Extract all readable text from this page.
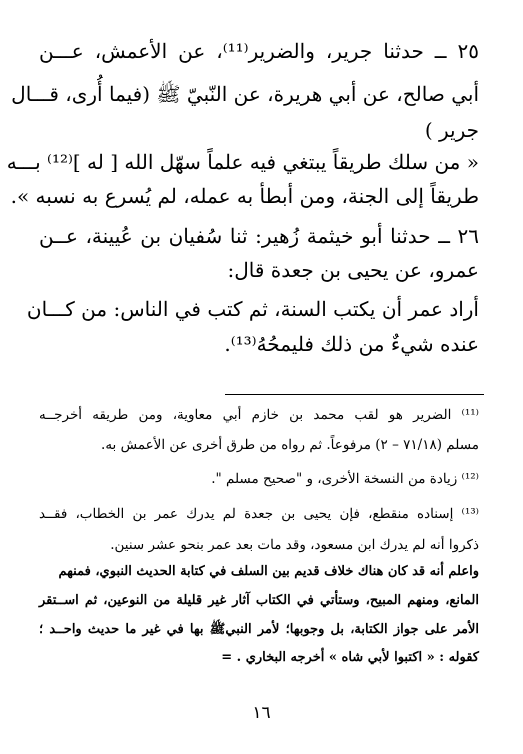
٢٥ ــ حدثنا جرير، والضرير⁽¹¹⁾، عن الأعمش، عـــن
أبي صالح، عن أبي هريرة، عن النّبيّ ﷺ (فيما أُرى، قـــال
جرير )
« من سلك طريقاً يبتغي فيه علماً سهّل الله [ له ]⁽¹²⁾ بـــه
طريقاً إلى الجنة، ومن أبطأ به عمله، لم يُسرع به نسبه ».
٢٦ ــ حدثنا أبو خيثمة زُهير: ثنا سُفيان بن عُيينة، عــن
عمرو، عن يحيى بن جعدة قال:
أراد عمر أن يكتب السنة، ثم كتب في الناس: من كـــان
عنده شيءٌ من ذلك فليمحُهُ⁽¹³⁾.
⁽¹¹⁾ الضرير هو لقب محمد بن خازم أبي معاوية، ومن طريقه أخرجــه
مسلم (٧١/١٨ – ٢) مرفوعاً. ثم رواه من طرق أخرى عن الأعمش به.
⁽¹²⁾ زيادة من النسخة الأخرى، و "صحيح مسلم ".
⁽¹³⁾ إسناده منقطع، فإن يحيى بن جعدة لم يدرك عمر بن الخطاب، فقــد
ذكروا أنه لم يدرك ابن مسعود، وقد مات بعد عمر بنحو عشر سنين.
واعلم أنه قد كان هناك خلاف قديم بين السلف في كتابة الحديث النبوي، فمنهم
المانع، ومنهم المبيح، وستأتي في الكتاب آثار غير قليلة من النوعين، ثم اســتقر
الأمر على جواز الكتابة، بل وجوبها؛ لأمر النبيﷺ بها في غير ما حديث واحــد ؛
كقوله : « اكتبوا لأبي شاه » أخرجه البخاري . =
١٦
